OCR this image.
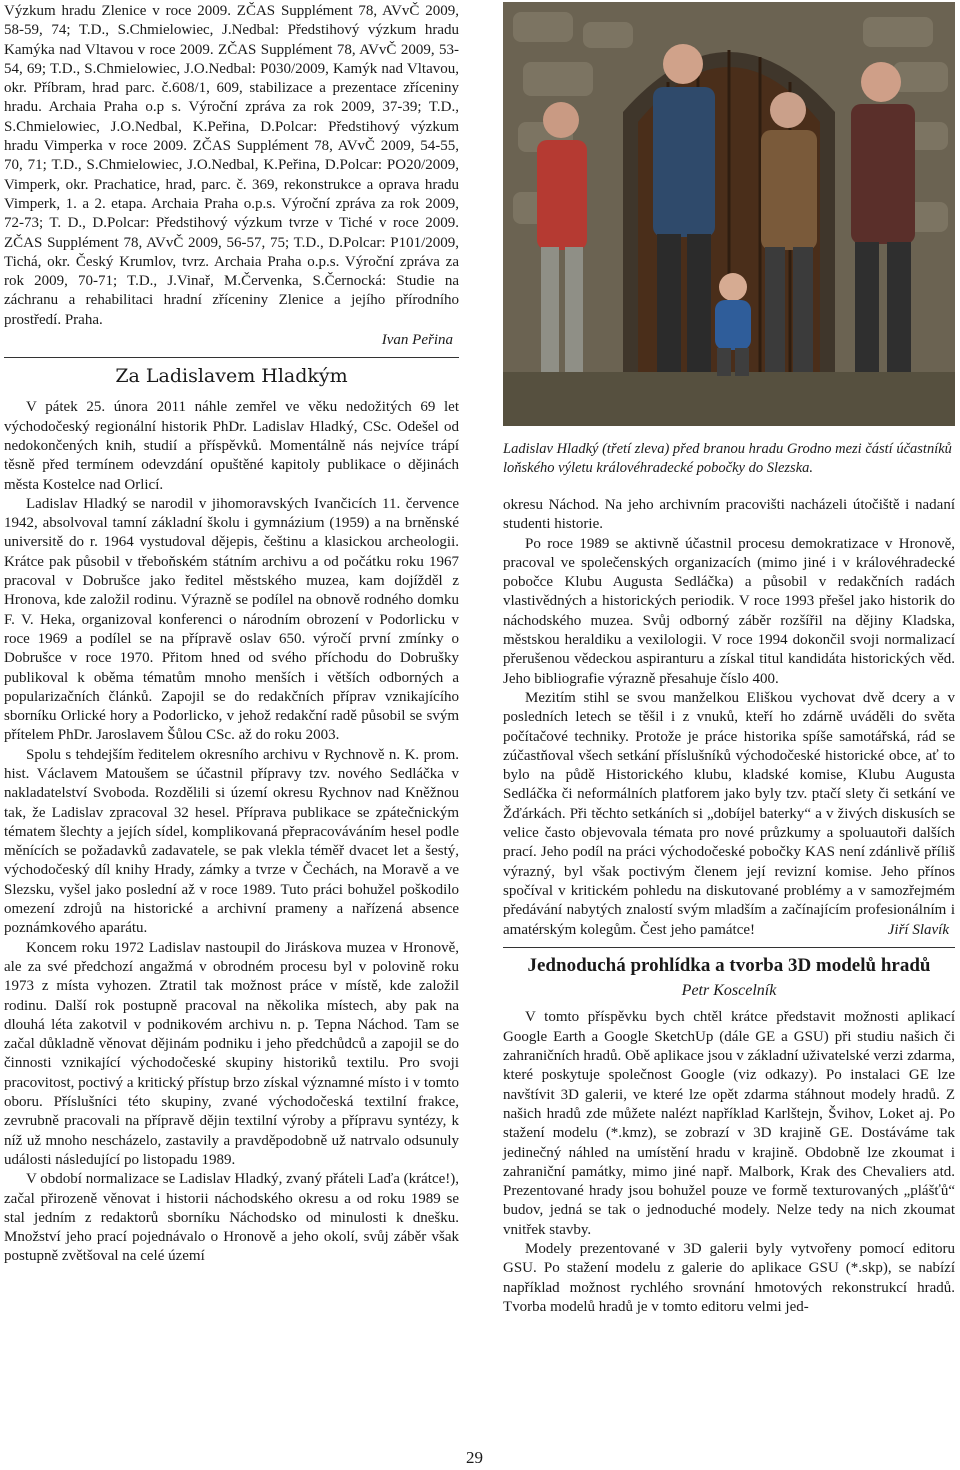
Výzkum hradu Zlenice v roce 2009. ZČAS Supplément 78, AVvČ 2009, 58-59, 74; T.D., S.Chmielowiec, J.Nedbal: Předstihový výzkum hradu Kamýka nad Vltavou v roce 2009. ZČAS Supplément 78, AVvČ 2009, 53-54, 69; T.D., S.Chmielowiec, J.O.Nedbal: P030/2009, Kamýk nad Vltavou, okr. Příbram, hrad parc. č.608/1, 609, stabilizace a prezentace zříceniny hradu. Archaia Praha o.p s. Výroční zpráva za rok 2009, 37-39; T.D., S.Chmielowiec, J.O.Nedbal, K.Peřina, D.Polcar: Předstihový výzkum hradu Vimperka v roce 2009. ZČAS Supplément 78, AVvČ 2009, 54-55, 70, 71; T.D., S.Chmielowiec, J.O.Nedbal, K.Peřina, D.Polcar: PO20/2009, Vimperk, okr. Prachatice, hrad, parc. č. 369, rekonstrukce a oprava hradu Vimperk, 1. a 2. etapa. Archaia Praha o.p.s. Výroční zpráva za rok 2009, 72-73; T. D., D.Polcar: Předstihový výzkum tvrze v Tiché v roce 2009. ZČAS Supplément 78, AVvČ 2009, 56-57, 75; T.D., D.Polcar: P101/2009, Tichá, okr. Český Krumlov, tvrz. Archaia Praha o.p.s. Výroční zpráva za rok 2009, 70-71; T.D., J.Vinař, M.Červenka, S.Černocká: Studie na záchranu a rehabilitaci hradní zříceniny Zlenice a jejího přírodního prostředí. Praha.

Ivan Peřina
Za Ladislavem Hladkým

V pátek 25. února 2011 náhle zemřel ve věku nedožitých 69 let východočeský regionální historik PhDr. Ladislav Hladký, CSc. Odešel od nedokončených knih, studií a příspěvků. Momentálně nás nejvíce trápí těsně před termínem odevzdání opuštěné kapitoly publikace o dějinách města Kostelce nad Orlicí.

Ladislav Hladký se narodil v jihomoravských Ivančicích 11. července 1942, absolvoval tamní základní školu i gymnázium (1959) a na brněnské universitě do r. 1964 vystudoval dějepis, češtinu a klasickou archeologii. Krátce pak působil v třeboňském státním archivu a od počátku roku 1967 pracoval v Dobrušce jako ředitel městského muzea, kam dojížděl z Hronova, kde založil rodinu. Výrazně se podílel na obnově rodného domku F. V. Heka, organizoval konferenci o národním obrození v Podorlicku v roce 1969 a podílel se na přípravě oslav 650. výročí první zmínky o Dobrušce v roce 1970. Přitom hned od svého příchodu do Dobrušky publikoval k oběma tématům mnoho menších i větších odborných a popularizačních článků. Zapojil se do redakčních příprav vznikajícího sborníku Orlické hory a Podorlicko, v jehož redakční radě působil se svým přítelem PhDr. Jaroslavem Šůlou CSc. až do roku 2003.

Spolu s tehdejším ředitelem okresního archivu v Rychnově n. K. prom. hist. Václavem Matoušem se účastnil přípravy tzv. nového Sedláčka v nakladatelství Svoboda. Rozdělili si území okresu Rychnov nad Kněžnou tak, že Ladislav zpracoval 32 hesel. Příprava publikace se zpátečnickým tématem šlechty a jejích sídel, komplikovaná přepracováváním hesel podle měnících se požadavků zadavatele, se pak vlekla téměř dvacet let a šestý, východočeský díl knihy Hrady, zámky a tvrze v Čechách, na Moravě a ve Slezsku, vyšel jako poslední až v roce 1989. Tuto práci bohužel poškodilo omezení zdrojů na historické a archivní prameny a nařízená absence poznámkového aparátu.

Koncem roku 1972 Ladislav nastoupil do Jiráskova muzea v Hronově, ale za své předchozí angažmá v obrodném procesu byl v polovině roku 1973 z místa vyhozen. Ztratil tak možnost práce v místě, kde založil rodinu. Další rok postupně pracoval na několika místech, aby pak na dlouhá léta zakotvil v podnikovém archivu n. p. Tepna Náchod. Tam se začal důkladně věnovat dějinám podniku i jeho předchůdců a zapojil se do činnosti vznikající východočeské skupiny historiků textilu. Pro svoji pracovitost, poctivý a kritický přístup brzo získal významné místo i v tomto oboru. Příslušníci této skupiny, zvané východočeská textilní frakce, zevrubně pracovali na přípravě dějin textilní výroby a přípravu syntézy, k níž už mnoho nescházelo, zastavily a pravděpodobně už natrvalo odsunuly události následující po listopadu 1989.

V období normalizace se Ladislav Hladký, zvaný přáteli Laďa (krátce!), začal přirozeně věnovat i historii náchodského okresu a od roku 1989 se stal jedním z redaktorů sborníku Náchodsko od minulosti k dnešku. Množství jeho prací pojednávalo o Hronově a jeho okolí, svůj záběr však postupně zvětšoval na celé území

Ladislav Hladký (třetí zleva) před branou hradu Grodno mezi částí účastníků loňského výletu královéhradecké pobočky do Slezska.

okresu Náchod. Na jeho archivním pracovišti nacházeli útočiště i nadaní studenti historie.

Po roce 1989 se aktivně účastnil procesu demokratizace v Hronově, pracoval ve společenských organizacích (mimo jiné i v královéhradecké pobočce Klubu Augusta Sedláčka) a působil v redakčních radách vlastivědných a historických periodik. V roce 1993 přešel jako historik do náchodského muzea. Svůj odborný záběr rozšířil na dějiny Kladska, městskou heraldiku a vexilologii. V roce 1994 dokončil svoji normalizací přerušenou vědeckou aspiranturu a získal titul kandidáta historických věd. Jeho bibliografie výrazně přesahuje číslo 400.

Mezitím stihl se svou manželkou Eliškou vychovat dvě dcery a v posledních letech se těšil i z vnuků, kteří ho zdárně uváděli do světa počítačové techniky. Protože je práce historika spíše samotářská, rád se zúčastňoval všech setkání příslušníků východočeské historické obce, ať to bylo na půdě Historického klubu, kladské komise, Klubu Augusta Sedláčka či neformálních platforem jako byly tzv. ptačí slety či setkání ve Žďárkách. Při těchto setkáních si „dobíjel baterky“ a v živých diskusích se velice často objevovala témata pro nové průzkumy a spoluautoři dalších prací. Jeho podíl na práci východočeské pobočky KAS není zdánlivě příliš výrazný, byl však poctivým členem její revizní komise. Jeho přínos spočíval v kritickém pohledu na diskutované problémy a v samozřejmém předávání nabytých znalostí svým mladším a začínajícím profesionálním i amatérským kolegům. Čest jeho památce!	Jiří Slavík
Jednoduchá prohlídka a tvorba 3D modelů hradů
Petr Koscelník

V tomto příspěvku bych chtěl krátce představit možnosti aplikací Google Earth a Google SketchUp (dále GE a GSU) při studiu našich či zahraničních hradů. Obě aplikace jsou v základní uživatelské verzi zdarma, které poskytuje společnost Google (viz odkazy). Po instalaci GE lze navštívit 3D galerii, ve které lze opět zdarma stáhnout modely hradů. Z našich hradů zde můžete nalézt například Karlštejn, Švihov, Loket aj. Po stažení modelu (*.kmz), se zobrazí v 3D krajině GE. Dostáváme tak jedinečný náhled na umístění hradu v krajině. Obdobně lze zkoumat i zahraniční památky, mimo jiné např. Malbork, Krak des Chevaliers atd. Prezentované hrady jsou bohužel pouze ve formě texturovaných „plášťů“ budov, jedná se tak o jednoduché modely. Nelze tedy na nich zkoumat vnitřek stavby.

Modely prezentované v 3D galerii byly vytvořeny pomocí editoru GSU. Po stažení modelu z galerie do aplikace GSU (*.skp), se nabízí například možnost rychlého srovnání hmotových rekonstrukcí hradů. Tvorba modelů hradů je v tomto editoru velmi jed-

29
